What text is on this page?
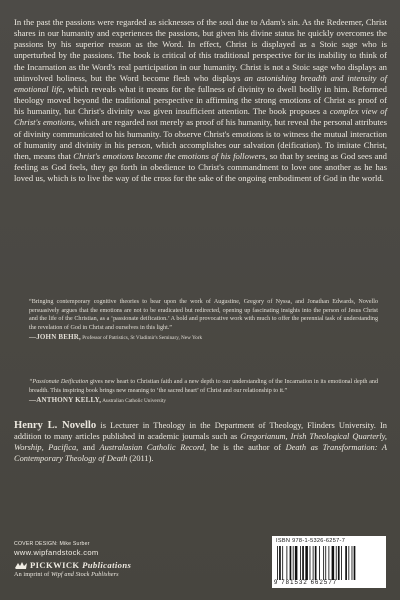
In the past the passions were regarded as sicknesses of the soul due to Adam's sin. As the Redeemer, Christ shares in our humanity and experiences the passions, but given his divine status he quickly overcomes the passions by his superior reason as the Word. In effect, Christ is displayed as a Stoic sage who is unperturbed by the passions. The book is critical of this traditional perspective for its inability to think of the Incarnation as the Word's real participation in our humanity. Christ is not a Stoic sage who displays an uninvolved holiness, but the Word become flesh who displays an astonishing breadth and intensity of emotional life, which reveals what it means for the fullness of divinity to dwell bodily in him. Reformed theology moved beyond the traditional perspective in affirming the strong emotions of Christ as proof of his humanity, but Christ's divinity was given insufficient attention. The book proposes a complex view of Christ's emotions, which are regarded not merely as proof of his humanity, but reveal the personal attributes of divinity communicated to his humanity. To observe Christ's emotions is to witness the mutual interaction of humanity and divinity in his person, which accomplishes our salvation (deification). To imitate Christ, then, means that Christ's emotions become the emotions of his followers, so that by seeing as God sees and feeling as God feels, they go forth in obedience to Christ's commandment to love one another as he has loved us, which is to live the way of the cross for the sake of the ongoing embodiment of God in the world.
“Bringing contemporary cognitive theories to bear upon the work of Augustine, Gregory of Nyssa, and Jonathan Edwards, Novello persuasively argues that the emotions are not to be eradicated but redirected, opening up fascinating insights into the person of Jesus Christ and the life of the Christian, as a ‘passionate deification.’ A bold and provocative work with much to offer the perennial task of understanding the revelation of God in Christ and ourselves in this light.”
—JOHN BEHR, Professor of Patristics, St Vladimir's Seminary, New York
“Passionate Deification gives new heart to Christian faith and a new depth to our understanding of the Incarnation in its emotional depth and breadth. This inspiring book brings new meaning to ‘the sacred heart’ of Christ and our relationship to it.”
—ANTHONY KELLY, Australian Catholic University
Henry L. Novello is Lecturer in Theology in the Department of Theology, Flinders University. In addition to many articles published in academic journals such as Gregorianum, Irish Theological Quarterly, Worship, Pacifica, and Australasian Catholic Record, he is the author of Death as Transformation: A Contemporary Theology of Death (2011).
COVER DESIGN: Mike Surber
www.wipfandstock.com
PICKWICK Publications
An imprint of Wipf and Stock Publishers
ISBN 978-1-5326-6257-7
9 781532 662577
